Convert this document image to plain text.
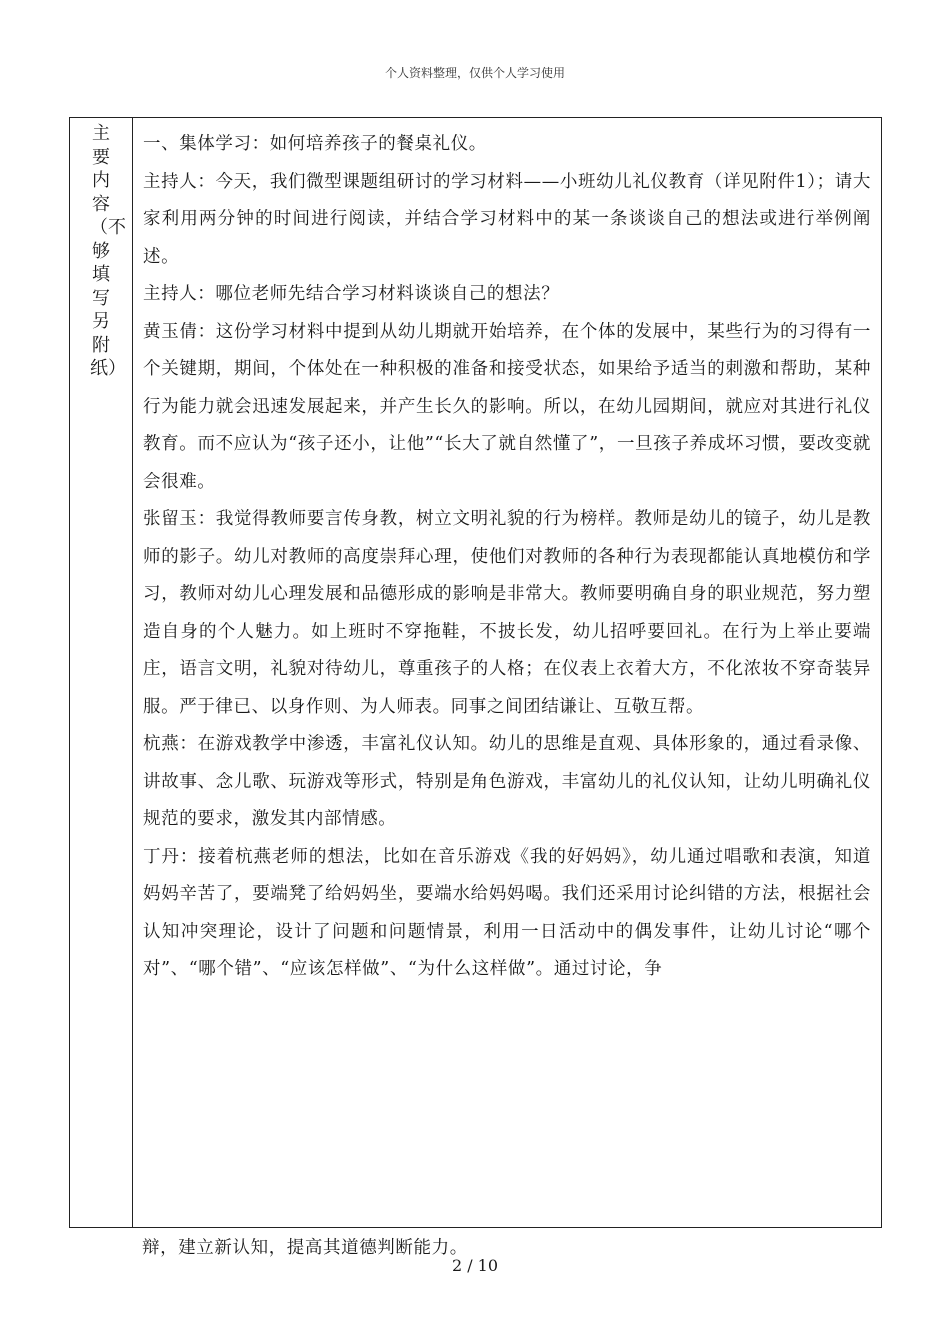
个人资料整理，仅供个人学习使用
主要内容（不够填写另附纸）

一、集体学习：如何培养孩子的餐桌礼仪。

主持人：今天，我们微型课题组研讨的学习材料——小班幼儿礼仪教育（详见附件1）；请大家利用两分钟的时间进行阅读，并结合学习材料中的某一条谈谈自己的想法或进行举例阐述。

主持人：哪位老师先结合学习材料谈谈自己的想法？

黄玉倩：这份学习材料中提到从幼儿期就开始培养，在个体的发展中，某些行为的习得有一个关键期，期间，个体处在一种积极的准备和接受状态，如果给予适当的刺激和帮助，某种行为能力就会迅速发展起来，并产生长久的影响。所以，在幼儿园期间，就应对其进行礼仪教育。而不应认为“孩子还小，让他”“长大了就自然懂了”，一旦孩子养成坏习惯，要改变就会很难。

张留玉：我觉得教师要言传身教，树立文明礼貌的行为榜样。教师是幼儿的镜子，幼儿是教师的影子。幼儿对教师的高度崇拜心理，使他们对教师的各种行为表现都能认真地模仿和学习，教师对幼儿心理发展和品德形成的影响是非常大。教师要明确自身的职业规范，努力塑造自身的个人魅力。如上班时不穿拖鞋，不披长发，幼儿招呼要回礼。在行为上举止要端庄，语言文明，礼貌对待幼儿，尊重孩子的人格；在仪表上衣着大方，不化浓妆不穿奇装异服。严于律已、以身作则、为人师表。同事之间团结谦让、互敬互帮。

杭燕：在游戏教学中渗透，丰富礼仪认知。幼儿的思维是直观、具体形象的，通过看录像、讲故事、念儿歌、玩游戏等形式，特别是角色游戏，丰富幼儿的礼仪认知，让幼儿明确礼仪规范的要求，激发其内部情感。

丁丹：接着杭燕老师的想法，比如在音乐游戏《我的好妈妈》，幼儿通过唱歌和表演，知道妈妈辛苦了，要端凳了给妈妈坐，要端水给妈妈喝。我们还采用讨论纠错的方法，根据社会认知冲突理论，设计了问题和问题情景，利用一日活动中的偶发事件，让幼儿讨论“哪个对”、“哪个错”、“应该怎样做”、“为什么这样做”。通过讨论，争

辩，建立新认知，提高其道德判断能力。
2 / 10
